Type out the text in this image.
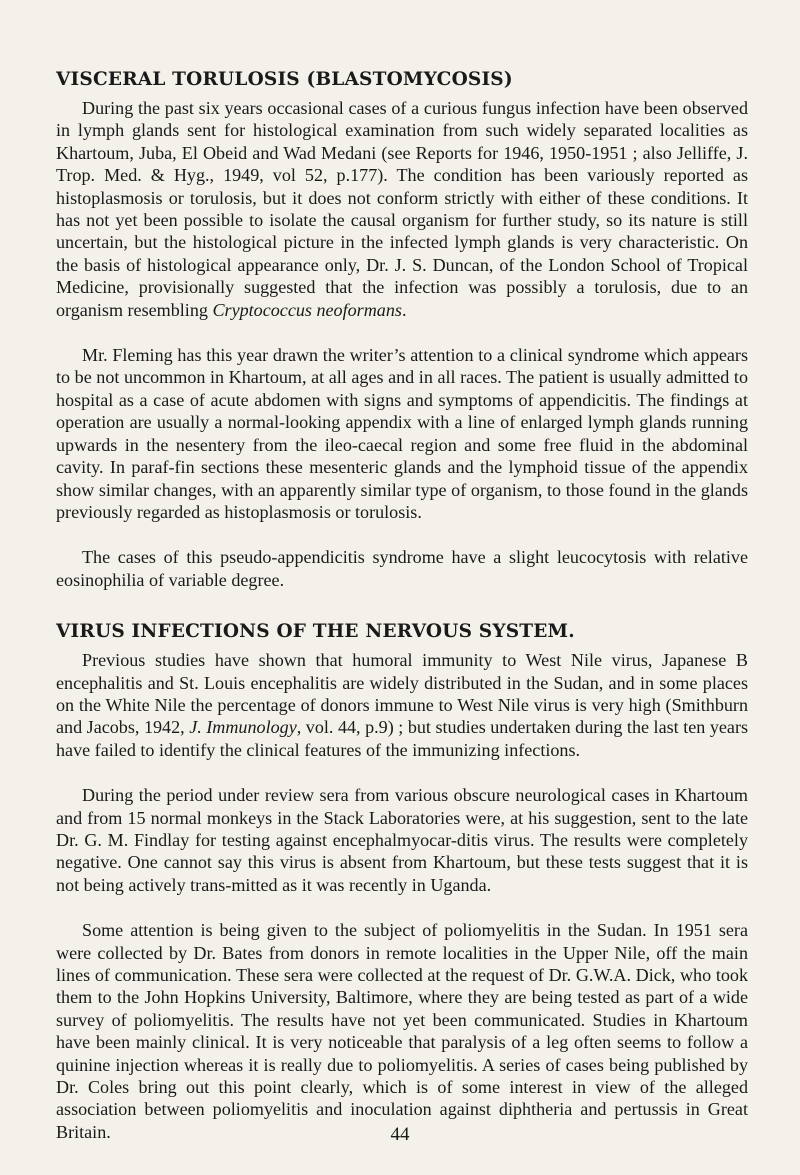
VISCERAL TORULOSIS (BLASTOMYCOSIS)

During the past six years occasional cases of a curious fungus infection have been observed in lymph glands sent for histological examination from such widely separated localities as Khartoum, Juba, El Obeid and Wad Medani (see Reports for 1946, 1950-1951 ; also Jelliffe, J. Trop. Med. & Hyg., 1949, vol 52, p.177). The condition has been variously reported as histoplasmosis or torulosis, but it does not conform strictly with either of these conditions. It has not yet been possible to isolate the causal organism for further study, so its nature is still uncertain, but the histological picture in the infected lymph glands is very characteristic. On the basis of histological appearance only, Dr. J. S. Duncan, of the London School of Tropical Medicine, provisionally suggested that the infection was possibly a torulosis, due to an organism resembling Cryptococcus neoformans.

Mr. Fleming has this year drawn the writer’s attention to a clinical syndrome which appears to be not uncommon in Khartoum, at all ages and in all races. The patient is usually admitted to hospital as a case of acute abdomen with signs and symptoms of appendicitis. The findings at operation are usually a normal-looking appendix with a line of enlarged lymph glands running upwards in the nesentery from the ileo-caecal region and some free fluid in the abdominal cavity. In paraf-fin sections these mesenteric glands and the lymphoid tissue of the appendix show similar changes, with an apparently similar type of organism, to those found in the glands previously regarded as histoplasmosis or torulosis.

The cases of this pseudo-appendicitis syndrome have a slight leucocytosis with relative eosinophilia of variable degree.

VIRUS INFECTIONS OF THE NERVOUS SYSTEM.

Previous studies have shown that humoral immunity to West Nile virus, Japanese B encephalitis and St. Louis encephalitis are widely distributed in the Sudan, and in some places on the White Nile the percentage of donors immune to West Nile virus is very high (Smithburn and Jacobs, 1942, J. Immunology, vol. 44, p.9) ; but studies undertaken during the last ten years have failed to identify the clinical features of the immunizing infections.

During the period under review sera from various obscure neurological cases in Khartoum and from 15 normal monkeys in the Stack Laboratories were, at his suggestion, sent to the late Dr. G. M. Findlay for testing against encephalmyocar-ditis virus. The results were completely negative. One cannot say this virus is absent from Khartoum, but these tests suggest that it is not being actively trans-mitted as it was recently in Uganda.

Some attention is being given to the subject of poliomyelitis in the Sudan. In 1951 sera were collected by Dr. Bates from donors in remote localities in the Upper Nile, off the main lines of communication. These sera were collected at the request of Dr. G.W.A. Dick, who took them to the John Hopkins University, Baltimore, where they are being tested as part of a wide survey of poliomyelitis. The results have not yet been communicated. Studies in Khartoum have been mainly clinical. It is very noticeable that paralysis of a leg often seems to follow a quinine injection whereas it is really due to poliomyelitis. A series of cases being published by Dr. Coles bring out this point clearly, which is of some interest in view of the alleged association between poliomyelitis and inoculation against diphtheria and pertussis in Great Britain.	44
